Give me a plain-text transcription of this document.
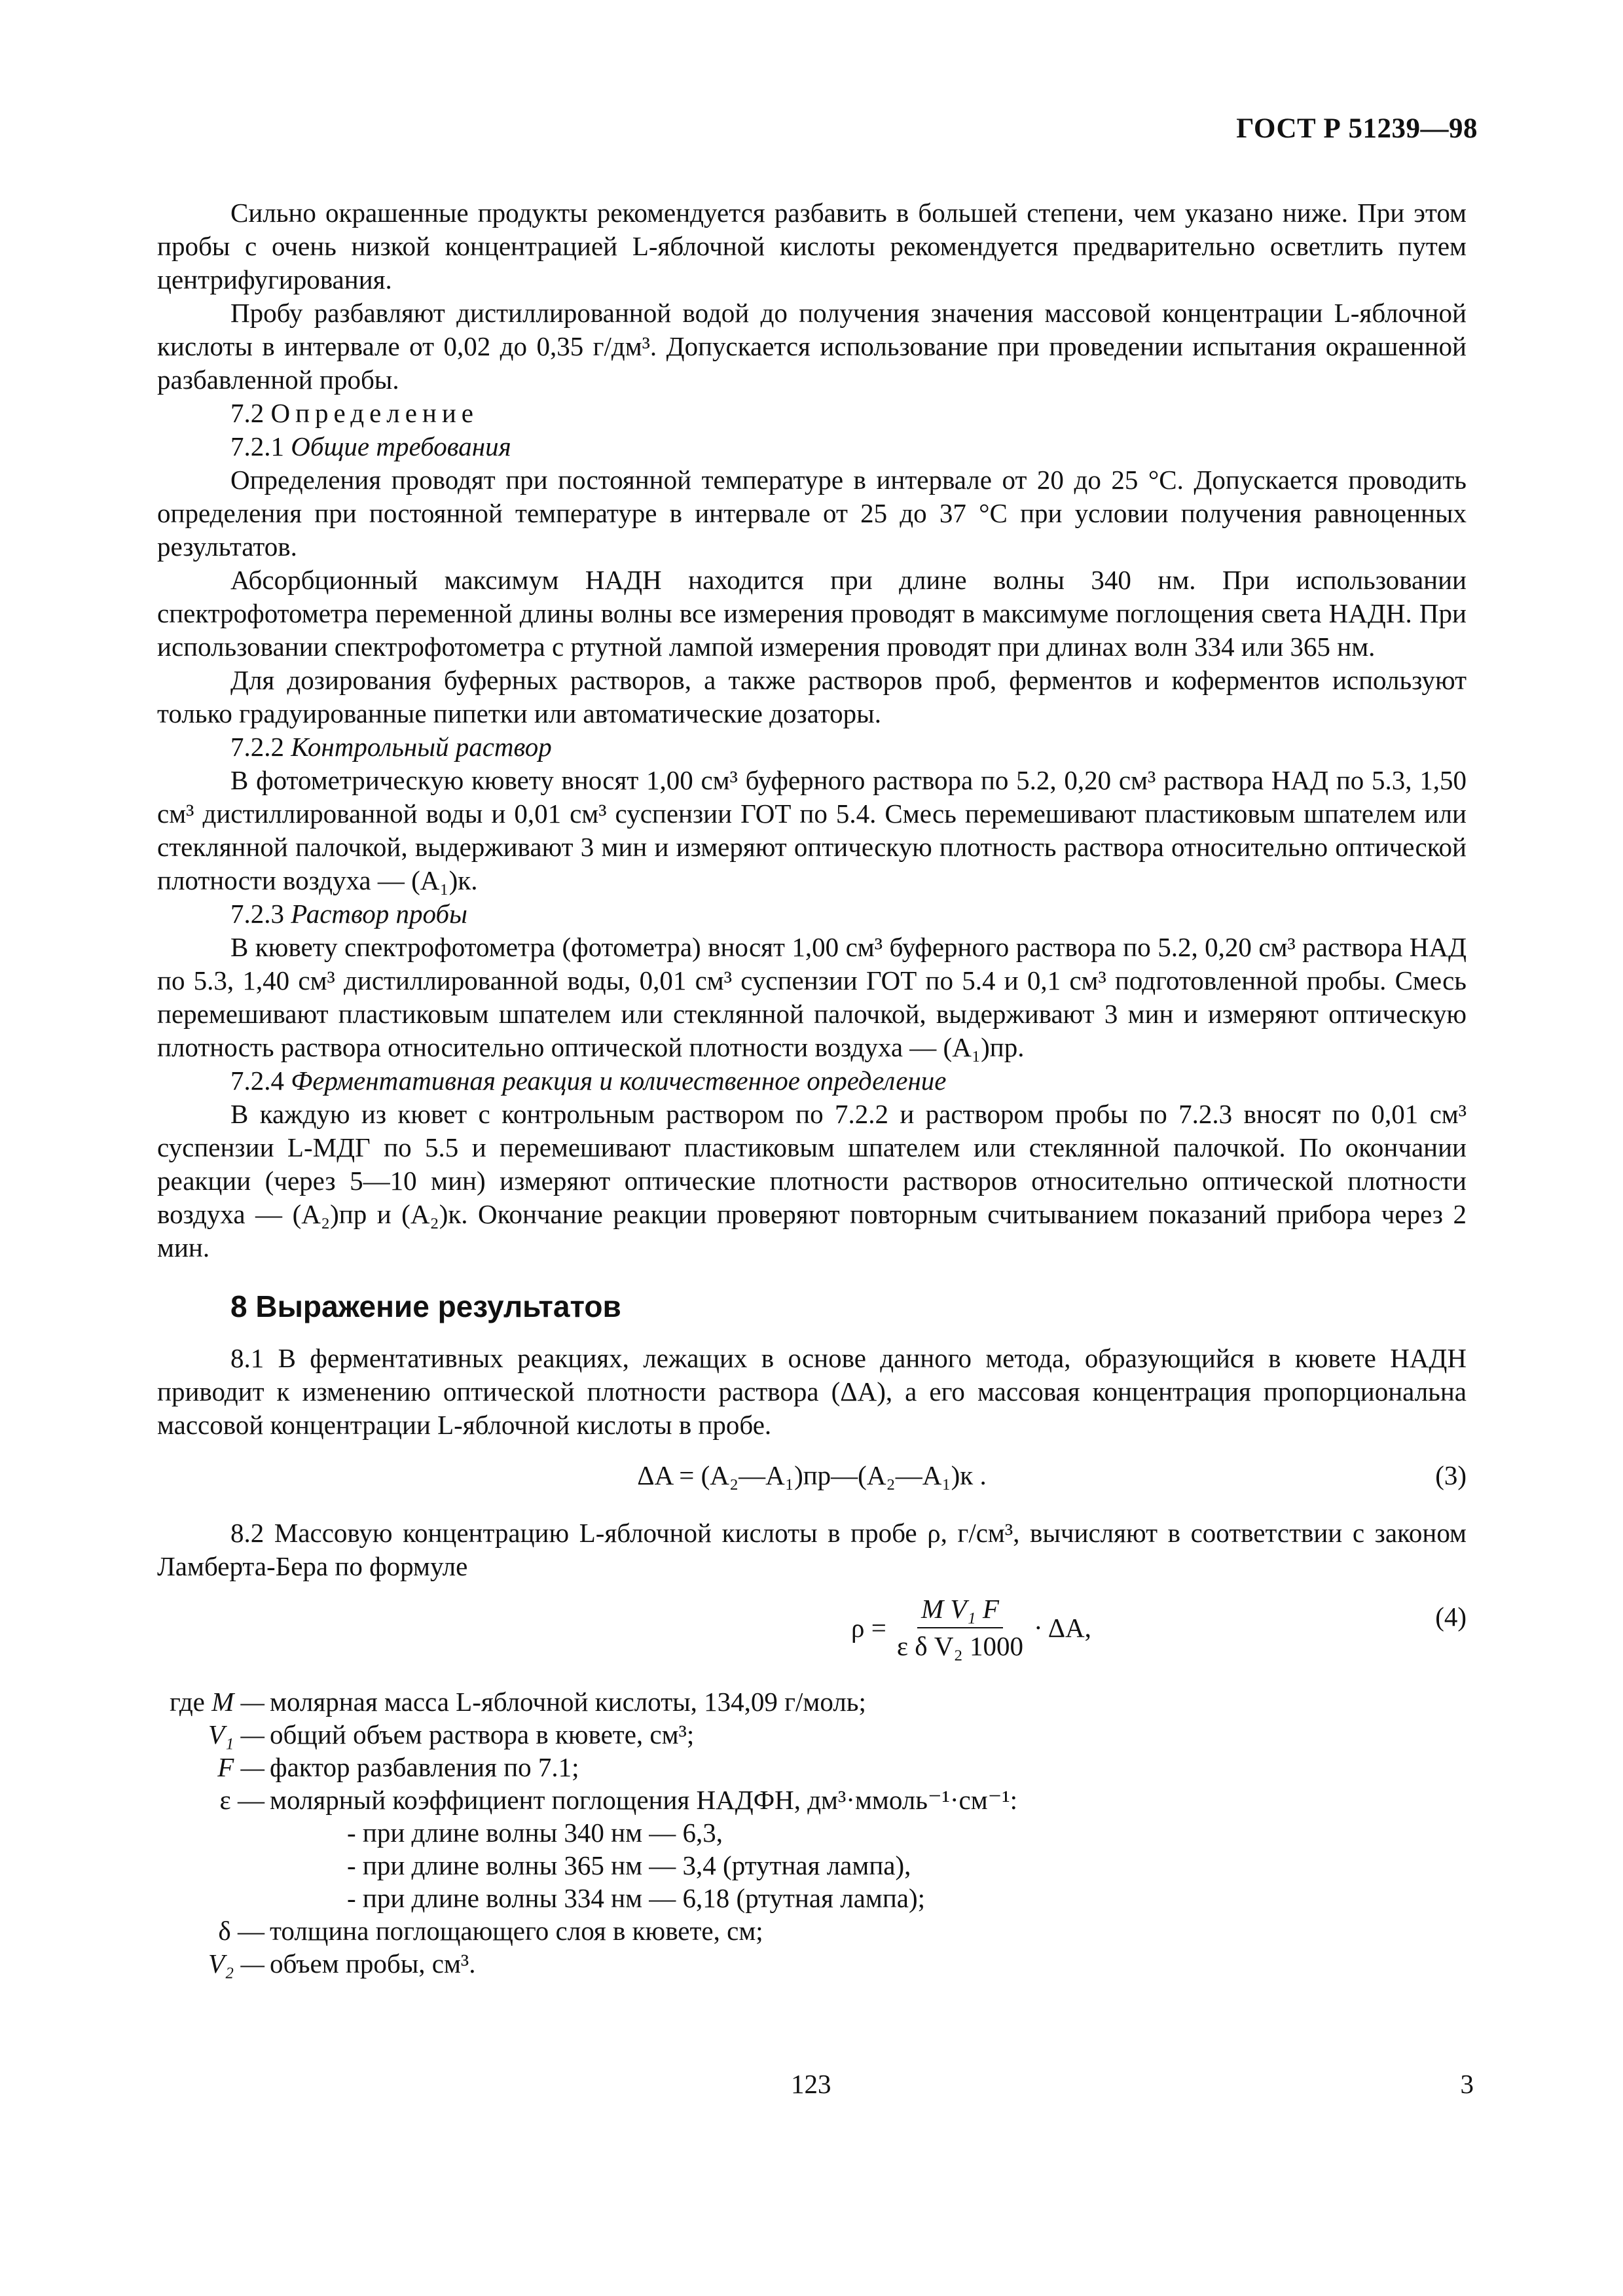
ГОСТ Р 51239—98

Сильно окрашенные продукты рекомендуется разбавить в большей степени, чем указано ниже. При этом пробы с очень низкой концентрацией L-яблочной кислоты рекомендуется предварительно осветлить путем центрифугирования.

Пробу разбавляют дистиллированной водой до получения значения массовой концентрации L-яблочной кислоты в интервале от 0,02 до 0,35 г/дм³. Допускается использование при проведении испытания окрашенной разбавленной пробы.

7.2 Определение

7.2.1 Общие требования

Определения проводят при постоянной температуре в интервале от 20 до 25 °С. Допускается проводить определения при постоянной температуре в интервале от 25 до 37 °С при условии получения равноценных результатов.

Абсорбционный максимум НАДН находится при длине волны 340 нм. При использовании спектрофотометра переменной длины волны все измерения проводят в максимуме поглощения света НАДН. При использовании спектрофотометра с ртутной лампой измерения проводят при длинах волн 334 или 365 нм.

Для дозирования буферных растворов, а также растворов проб, ферментов и коферментов используют только градуированные пипетки или автоматические дозаторы.

7.2.2 Контрольный раствор

В фотометрическую кювету вносят 1,00 см³ буферного раствора по 5.2, 0,20 см³ раствора НАД по 5.3, 1,50 см³ дистиллированной воды и 0,01 см³ суспензии ГОТ по 5.4. Смесь перемешивают пластиковым шпателем или стеклянной палочкой, выдерживают 3 мин и измеряют оптическую плотность раствора относительно оптической плотности воздуха — (A₁)к.

7.2.3 Раствор пробы

В кювету спектрофотометра (фотометра) вносят 1,00 см³ буферного раствора по 5.2, 0,20 см³ раствора НАД по 5.3, 1,40 см³ дистиллированной воды, 0,01 см³ суспензии ГОТ по 5.4 и 0,1 см³ подготовленной пробы. Смесь перемешивают пластиковым шпателем или стеклянной палочкой, выдерживают 3 мин и измеряют оптическую плотность раствора относительно оптической плотности воздуха — (A₁)пр.

7.2.4 Ферментативная реакция и количественное определение

В каждую из кювет с контрольным раствором по 7.2.2 и раствором пробы по 7.2.3 вносят по 0,01 см³ суспензии L-МДГ по 5.5 и перемешивают пластиковым шпателем или стеклянной палочкой. По окончании реакции (через 5—10 мин) измеряют оптические плотности растворов относительно оптической плотности воздуха — (A₂)пр и (A₂)к. Окончание реакции проверяют повторным считыванием показаний прибора через 2 мин.

8 Выражение результатов

8.1 В ферментативных реакциях, лежащих в основе данного метода, образующийся в кювете НАДН приводит к изменению оптической плотности раствора (ΔA), а его массовая концентрация пропорциональна массовой концентрации L-яблочной кислоты в пробе.

ΔA = (A₂—A₁)пр—(A₂—A₁)к .	(3)

8.2 Массовую концентрацию L-яблочной кислоты в пробе ρ, г/см³, вычисляют в соответствии с законом Ламберта-Бера по формуле

$\rho = \frac{\text{M V₁ F}}{\text{ε δ V₂ 1000}} \cdot \Delta A$,	(4)
где M — молярная масса L-яблочной кислоты, 134,09 г/моль;
V₁ — общий объем раствора в кювете, см³;
F — фактор разбавления по 7.1;
ε — молярный коэффициент поглощения НАДФН, дм³·ммоль⁻¹·см⁻¹:
- при длине волны 340 нм — 6,3,
- при длине волны 365 нм — 3,4 (ртутная лампа),
- при длине волны 334 нм — 6,18 (ртутная лампа);
δ — толщина поглощающего слоя в кювете, см;
V₂ — объем пробы, см³.
123	3
